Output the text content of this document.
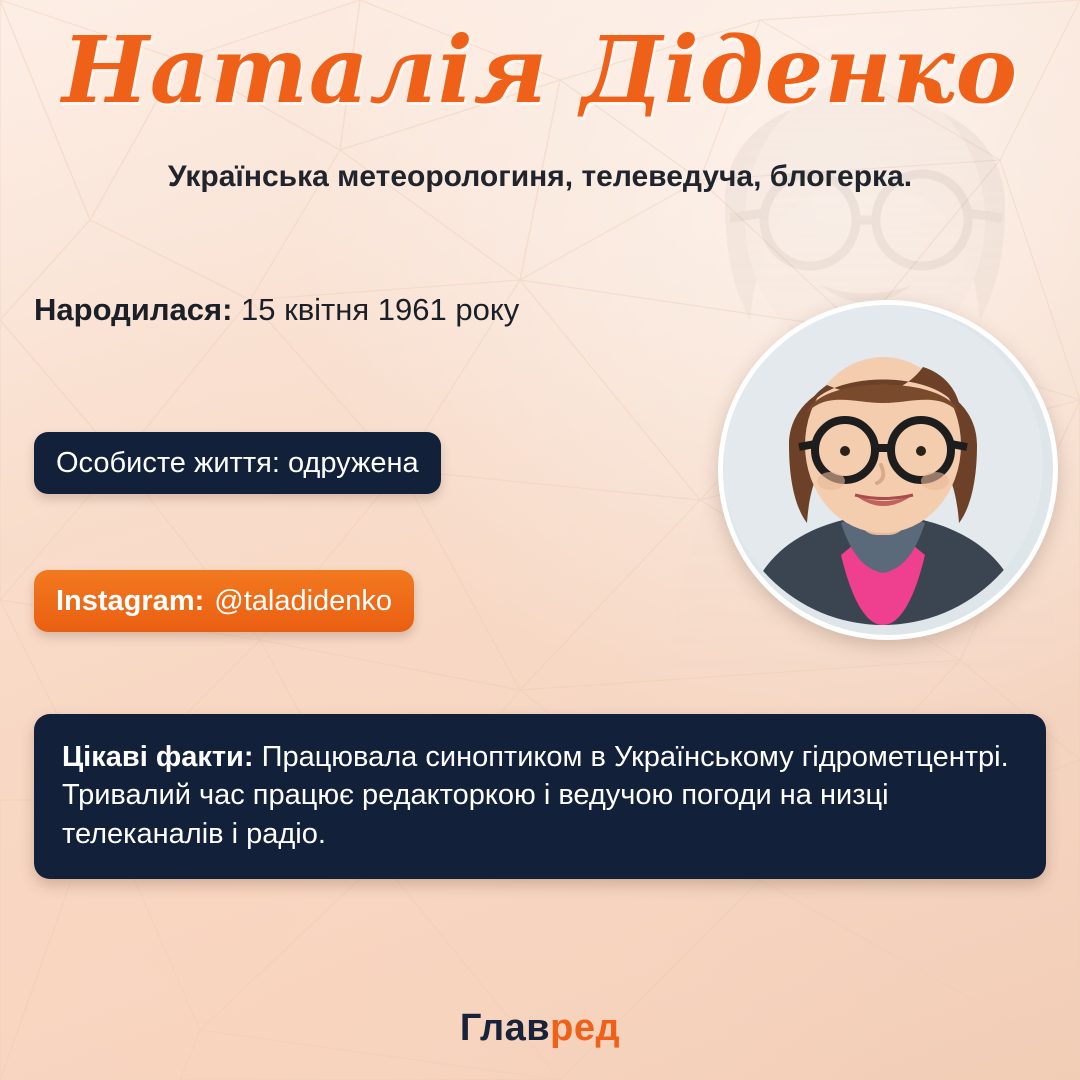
Наталія Діденко
Українська метеорологиня, телеведуча, блогерка.
Народилася: 15 квітня 1961 року
Особисте життя: одружена
Instagram: @taladidenko
Цікаві факти: Працювала синоптиком в Українському гідрометцентрі. Тривалий час працює редакторкою і ведучою погоди на низці телеканалів і радіо.
Главред
